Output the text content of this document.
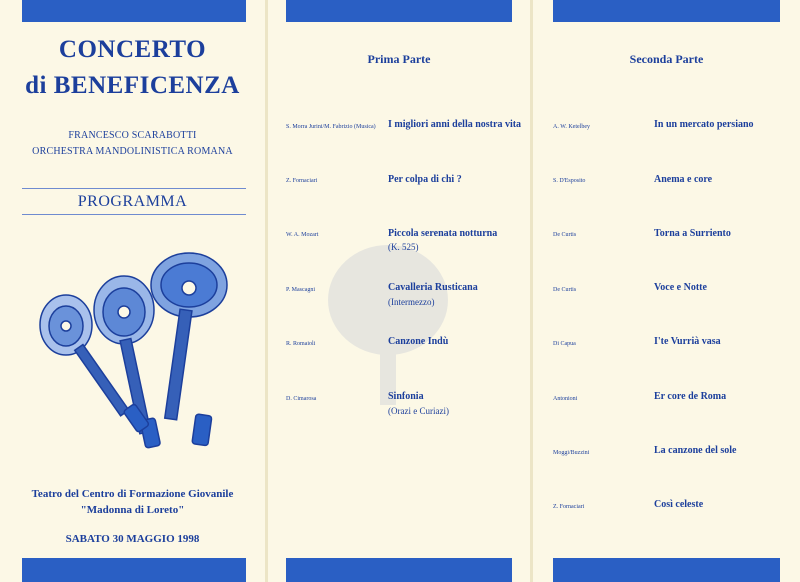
CONCERTO
di BENEFICENZA
FRANCESCO SCARABOTTI
ORCHESTRA MANDOLINISTICA ROMANA
PROGRAMMA
Teatro del Centro di Formazione Giovanile
"Madonna di Loreto"
SABATO 30 MAGGIO 1998
Prima Parte
S. Morra Jurini/M. Fabrizio (Musica) I migliori anni della nostra vita
Z. Fornaciari	Per colpa di chi ?
W. A. Mozart	Piccola serenata notturna
(K. 525)
P. Mascagni	Cavalleria Rusticana
(Intermezzo)
R. Romaioli	Canzone Indù
D. Cimarosa	Sinfonia
(Orazi e Curiazi)
Seconda Parte
A. W. Ketelbey	In un mercato persiano
S. D'Esposito	Anema e core
De Curtis	Torna a Surriento
De Curtis	Voce e Notte
Di Capua	I'te Vurrià vasa
Antonioni	Er core de Roma
Moggi/Buzzini	La canzone del sole
Z. Fornaciari	Così celeste
